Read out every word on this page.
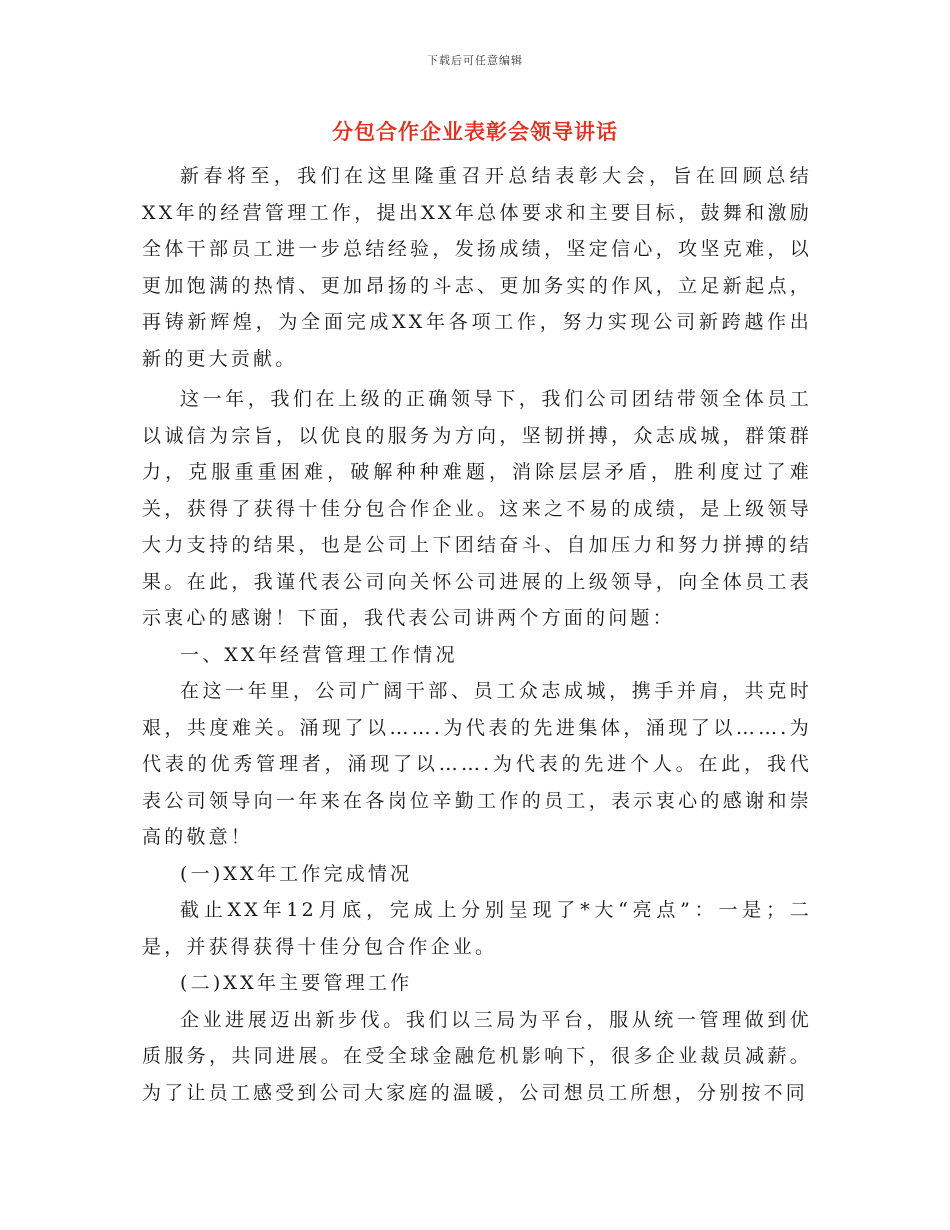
下载后可任意编辑
分包合作企业表彰会领导讲话

新春将至，我们在这里隆重召开总结表彰大会，旨在回顾总结XX年的经营管理工作，提出XX年总体要求和主要目标，鼓舞和激励全体干部员工进一步总结经验，发扬成绩，坚定信心，攻坚克难，以更加饱满的热情、更加昂扬的斗志、更加务实的作风，立足新起点，再铸新辉煌，为全面完成XX年各项工作，努力实现公司新跨越作出新的更大贡献。

这一年，我们在上级的正确领导下，我们公司团结带领全体员工以诚信为宗旨，以优良的服务为方向，坚韧拼搏，众志成城，群策群力，克服重重困难，破解种种难题，消除层层矛盾，胜利度过了难关，获得了获得十佳分包合作企业。这来之不易的成绩，是上级领导大力支持的结果，也是公司上下团结奋斗、自加压力和努力拼搏的结果。在此，我谨代表公司向关怀公司进展的上级领导，向全体员工表示衷心的感谢！下面，我代表公司讲两个方面的问题：

一、XX年经营管理工作情况

在这一年里，公司广阔干部、员工众志成城，携手并肩，共克时艰，共度难关。涌现了以…….为代表的先进集体，涌现了以…….为代表的优秀管理者，涌现了以…….为代表的先进个人。在此，我代表公司领导向一年来在各岗位辛勤工作的员工，表示衷心的感谢和崇高的敬意！

(一)XX年工作完成情况

截止XX年12月底，完成上分别呈现了*大“亮点”：一是；二是，并获得获得十佳分包合作企业。

(二)XX年主要管理工作

企业进展迈出新步伐。我们以三局为平台，服从统一管理做到优质服务，共同进展。在受全球金融危机影响下，很多企业裁员减薪。为了让员工感受到公司大家庭的温暖，公司想员工所想，分别按不同
